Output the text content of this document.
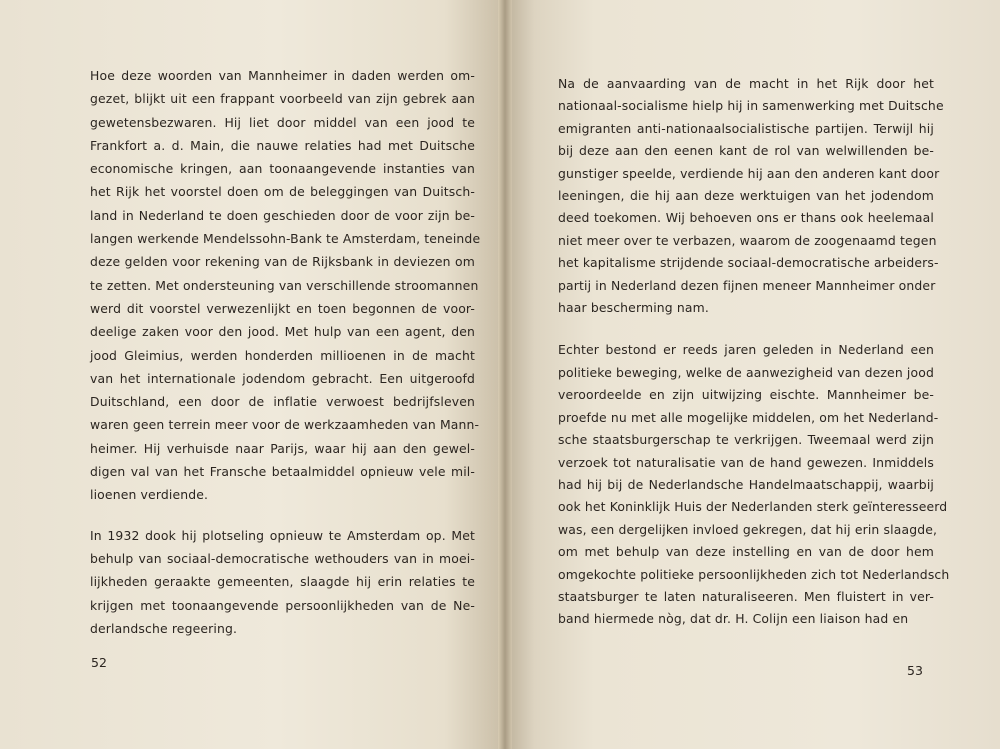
Hoe deze woorden van Mannheimer in daden werden om-
gezet, blijkt uit een frappant voorbeeld van zijn gebrek aan
gewetensbezwaren. Hij liet door middel van een jood te
Frankfort a. d. Main, die nauwe relaties had met Duitsche
economische kringen, aan toonaangevende instanties van
het Rijk het voorstel doen om de beleggingen van Duitsch-
land in Nederland te doen geschieden door de voor zijn be-
langen werkende Mendelssohn-Bank te Amsterdam, teneinde
deze gelden voor rekening van de Rijksbank in deviezen om
te zetten. Met ondersteuning van verschillende stroomannen
werd dit voorstel verwezenlijkt en toen begonnen de voor-
deelige zaken voor den jood. Met hulp van een agent, den
jood Gleimius, werden honderden millioenen in de macht
van het internationale jodendom gebracht. Een uitgeroofd
Duitschland, een door de inflatie verwoest bedrijfsleven
waren geen terrein meer voor de werkzaamheden van Mann-
heimer. Hij verhuisde naar Parijs, waar hij aan den gewel-
digen val van het Fransche betaalmiddel opnieuw vele mil-
lioenen verdiende.
In 1932 dook hij plotseling opnieuw te Amsterdam op. Met
behulp van sociaal-democratische wethouders van in moei-
lijkheden geraakte gemeenten, slaagde hij erin relaties te
krijgen met toonaangevende persoonlijkheden van de Ne-
derlandsche regeering.
Na de aanvaarding van de macht in het Rijk door het
nationaal-socialisme hielp hij in samenwerking met Duitsche
emigranten anti-nationaalsocialistische partijen. Terwijl hij
bij deze aan den eenen kant de rol van welwillenden be-
gunstiger speelde, verdiende hij aan den anderen kant door
leeningen, die hij aan deze werktuigen van het jodendom
deed toekomen. Wij behoeven ons er thans ook heelemaal
niet meer over te verbazen, waarom de zoogenaamd tegen
het kapitalisme strijdende sociaal-democratische arbeiders-
partij in Nederland dezen fijnen meneer Mannheimer onder
haar bescherming nam.
Echter bestond er reeds jaren geleden in Nederland een
politieke beweging, welke de aanwezigheid van dezen jood
veroordeelde en zijn uitwijzing eischte. Mannheimer be-
proefde nu met alle mogelijke middelen, om het Nederland-
sche staatsburgerschap te verkrijgen. Tweemaal werd zijn
verzoek tot naturalisatie van de hand gewezen. Inmiddels
had hij bij de Nederlandsche Handelmaatschappij, waarbij
ook het Koninklijk Huis der Nederlanden sterk geïnteresseerd
was, een dergelijken invloed gekregen, dat hij erin slaagde,
om met behulp van deze instelling en van de door hem
omgekochte politieke persoonlijkheden zich tot Nederlandsch
staatsburger te laten naturaliseeren. Men fluistert in ver-
band hiermede nòg, dat dr. H. Colijn een liaison had en
52
53
